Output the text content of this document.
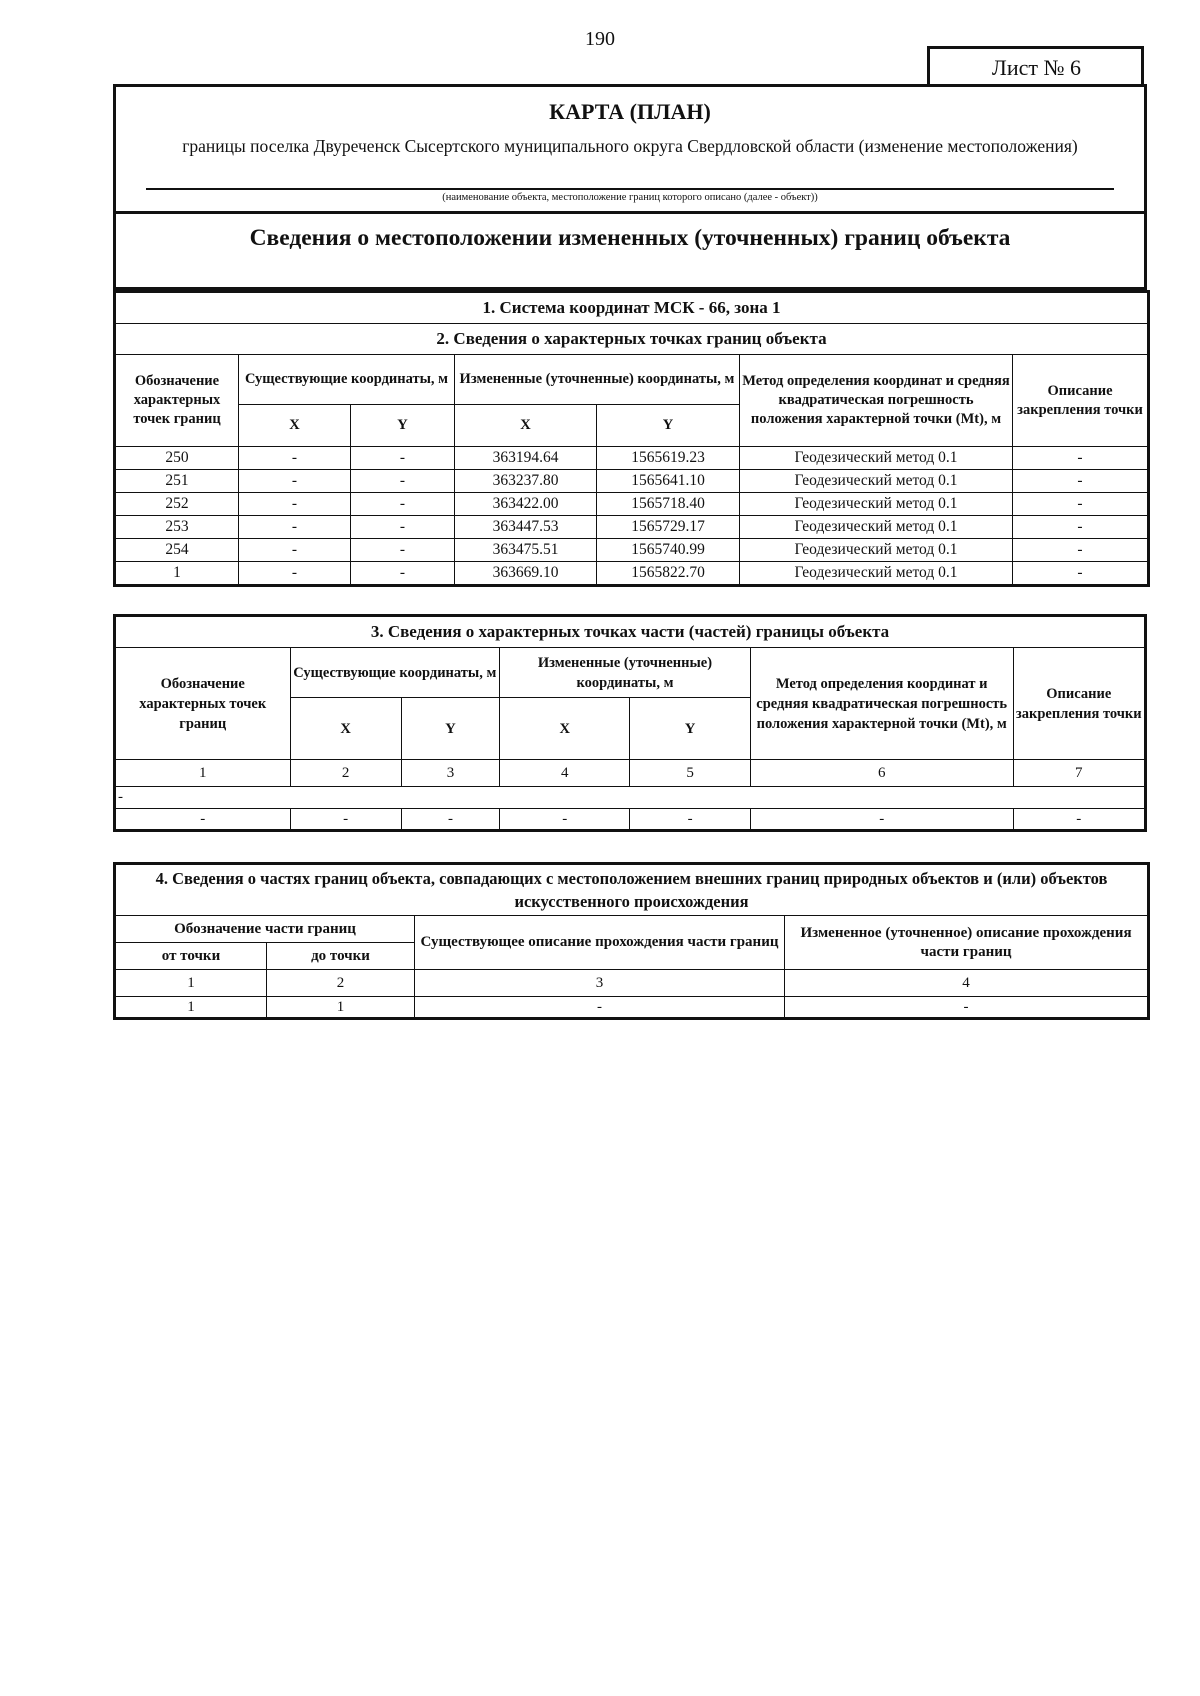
190
Лист № 6
КАРТА (ПЛАН)
границы поселка Двуреченск Сысертского муниципального округа Свердловской области (изменение местоположения)
(наименование объекта, местоположение границ которого описано (далее - объект))
Сведения о местоположении измененных (уточненных) границ объекта
1. Система координат МСК - 66, зона 1						
2. Сведения о характерных точках границ объекта						
Обозначение характерных точек границ	Существующие координаты, м		Измененные (уточненные) координаты, м		Метод определения координат и средняя квадратическая погрешность положения характерной точки (Mt), м	Описание закрепления точки
	X	Y	X	Y		
250	-	-	363194.64	1565619.23	Геодезический метод 0.1	-
251	-	-	363237.80	1565641.10	Геодезический метод 0.1	-
252	-	-	363422.00	1565718.40	Геодезический метод 0.1	-
253	-	-	363447.53	1565729.17	Геодезический метод 0.1	-
254	-	-	363475.51	1565740.99	Геодезический метод 0.1	-
1	-	-	363669.10	1565822.70	Геодезический метод 0.1	-
3. Сведения о характерных точках части (частей) границы объекта						
Обозначение характерных точек границ	Существующие координаты, м		Измененные (уточненные) координаты, м		Метод определения координат и средняя квадратическая погрешность положения характерной точки (Mt), м	Описание закрепления точки
	X	Y	X	Y		
1	2	3	4	5	6	7
-						
-	-	-	-	-	-	-
4. Сведения о частях границ объекта, совпадающих с местоположением внешних границ природных объектов и (или) объектов искусственного происхождения			
Обозначение части границ		Существующее описание прохождения части границ	Измененное (уточненное) описание прохождения части границ
от точки	до точки		
1	2	3	4
1	1	-	-
